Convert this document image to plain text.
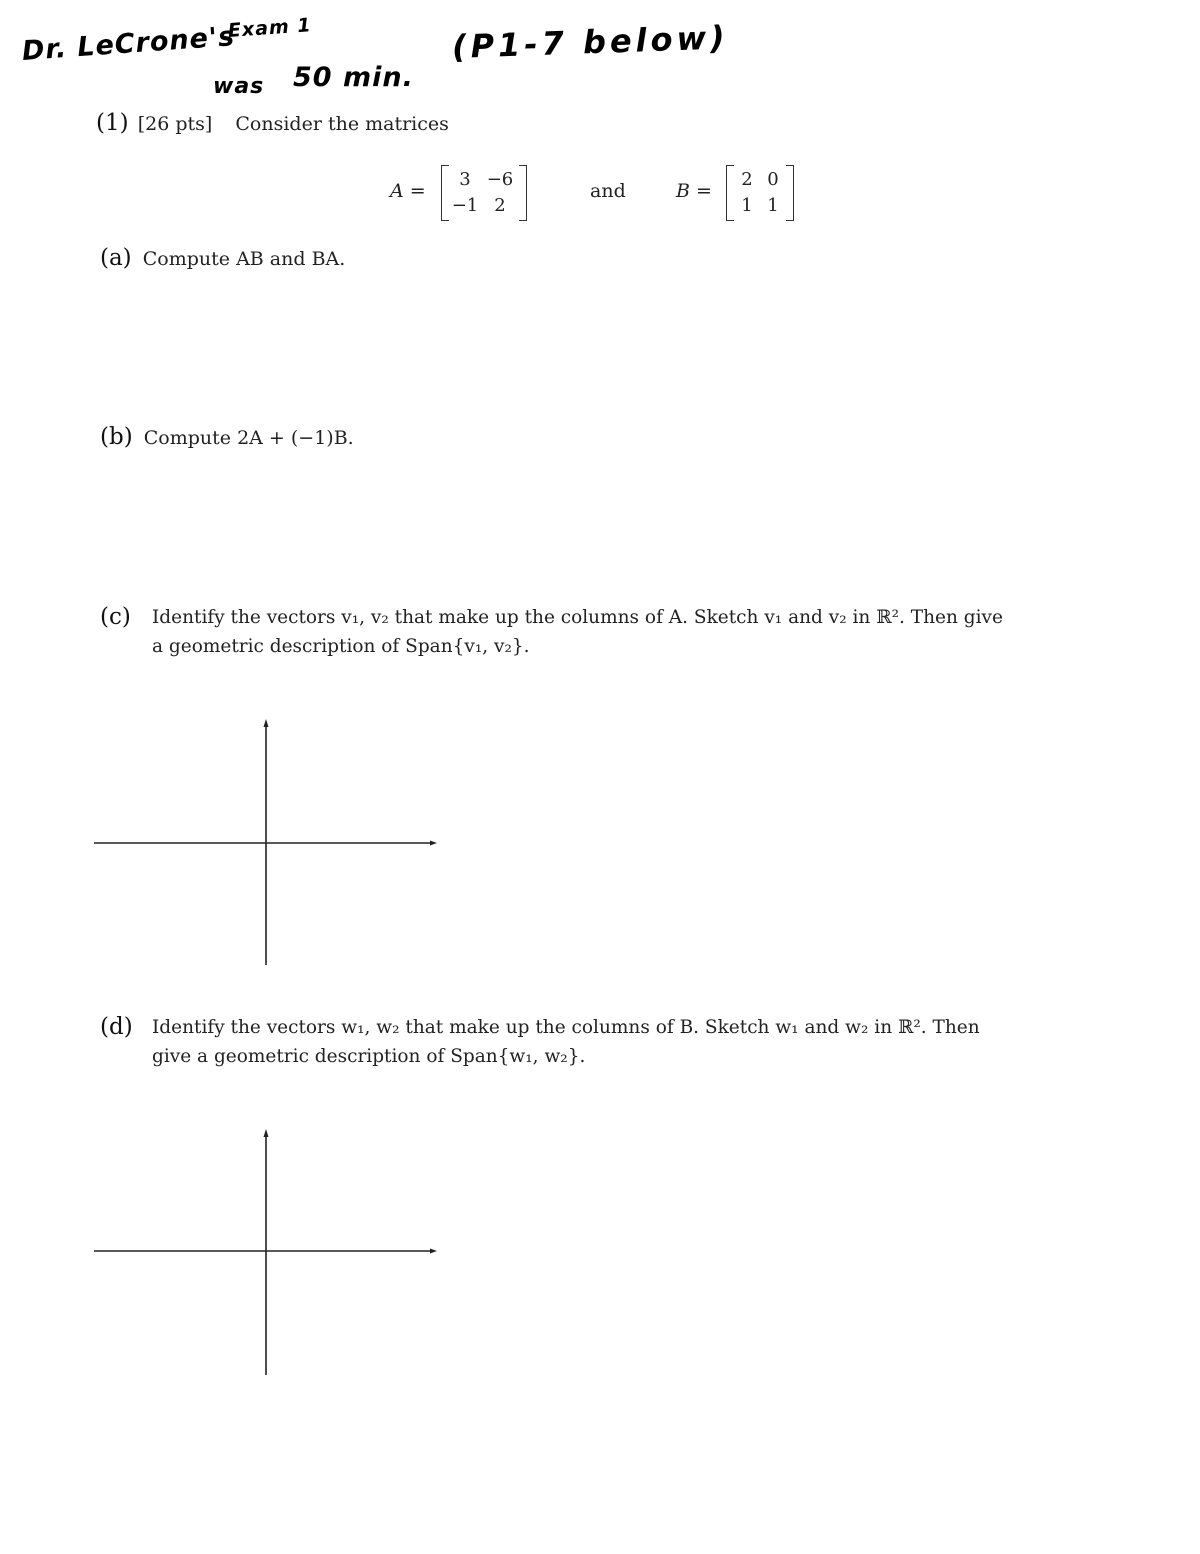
Dr. LeCrone's
Exam 1
was 50 min.
(P1-7 below)
(1) [26 pts] Consider the matrices
A =
3 −6
−1 2
and	B =
2 0
1 1
(a) Compute AB and BA.
(b) Compute 2A + (−1)B.
(c) Identify the vectors v₁, v₂ that make up the columns of A. Sketch v₁ and v₂ in ℝ². Then give
a geometric description of Span{v₁, v₂}.
(d) Identify the vectors w₁, w₂ that make up the columns of B. Sketch w₁ and w₂ in ℝ². Then
give a geometric description of Span{w₁, w₂}.
